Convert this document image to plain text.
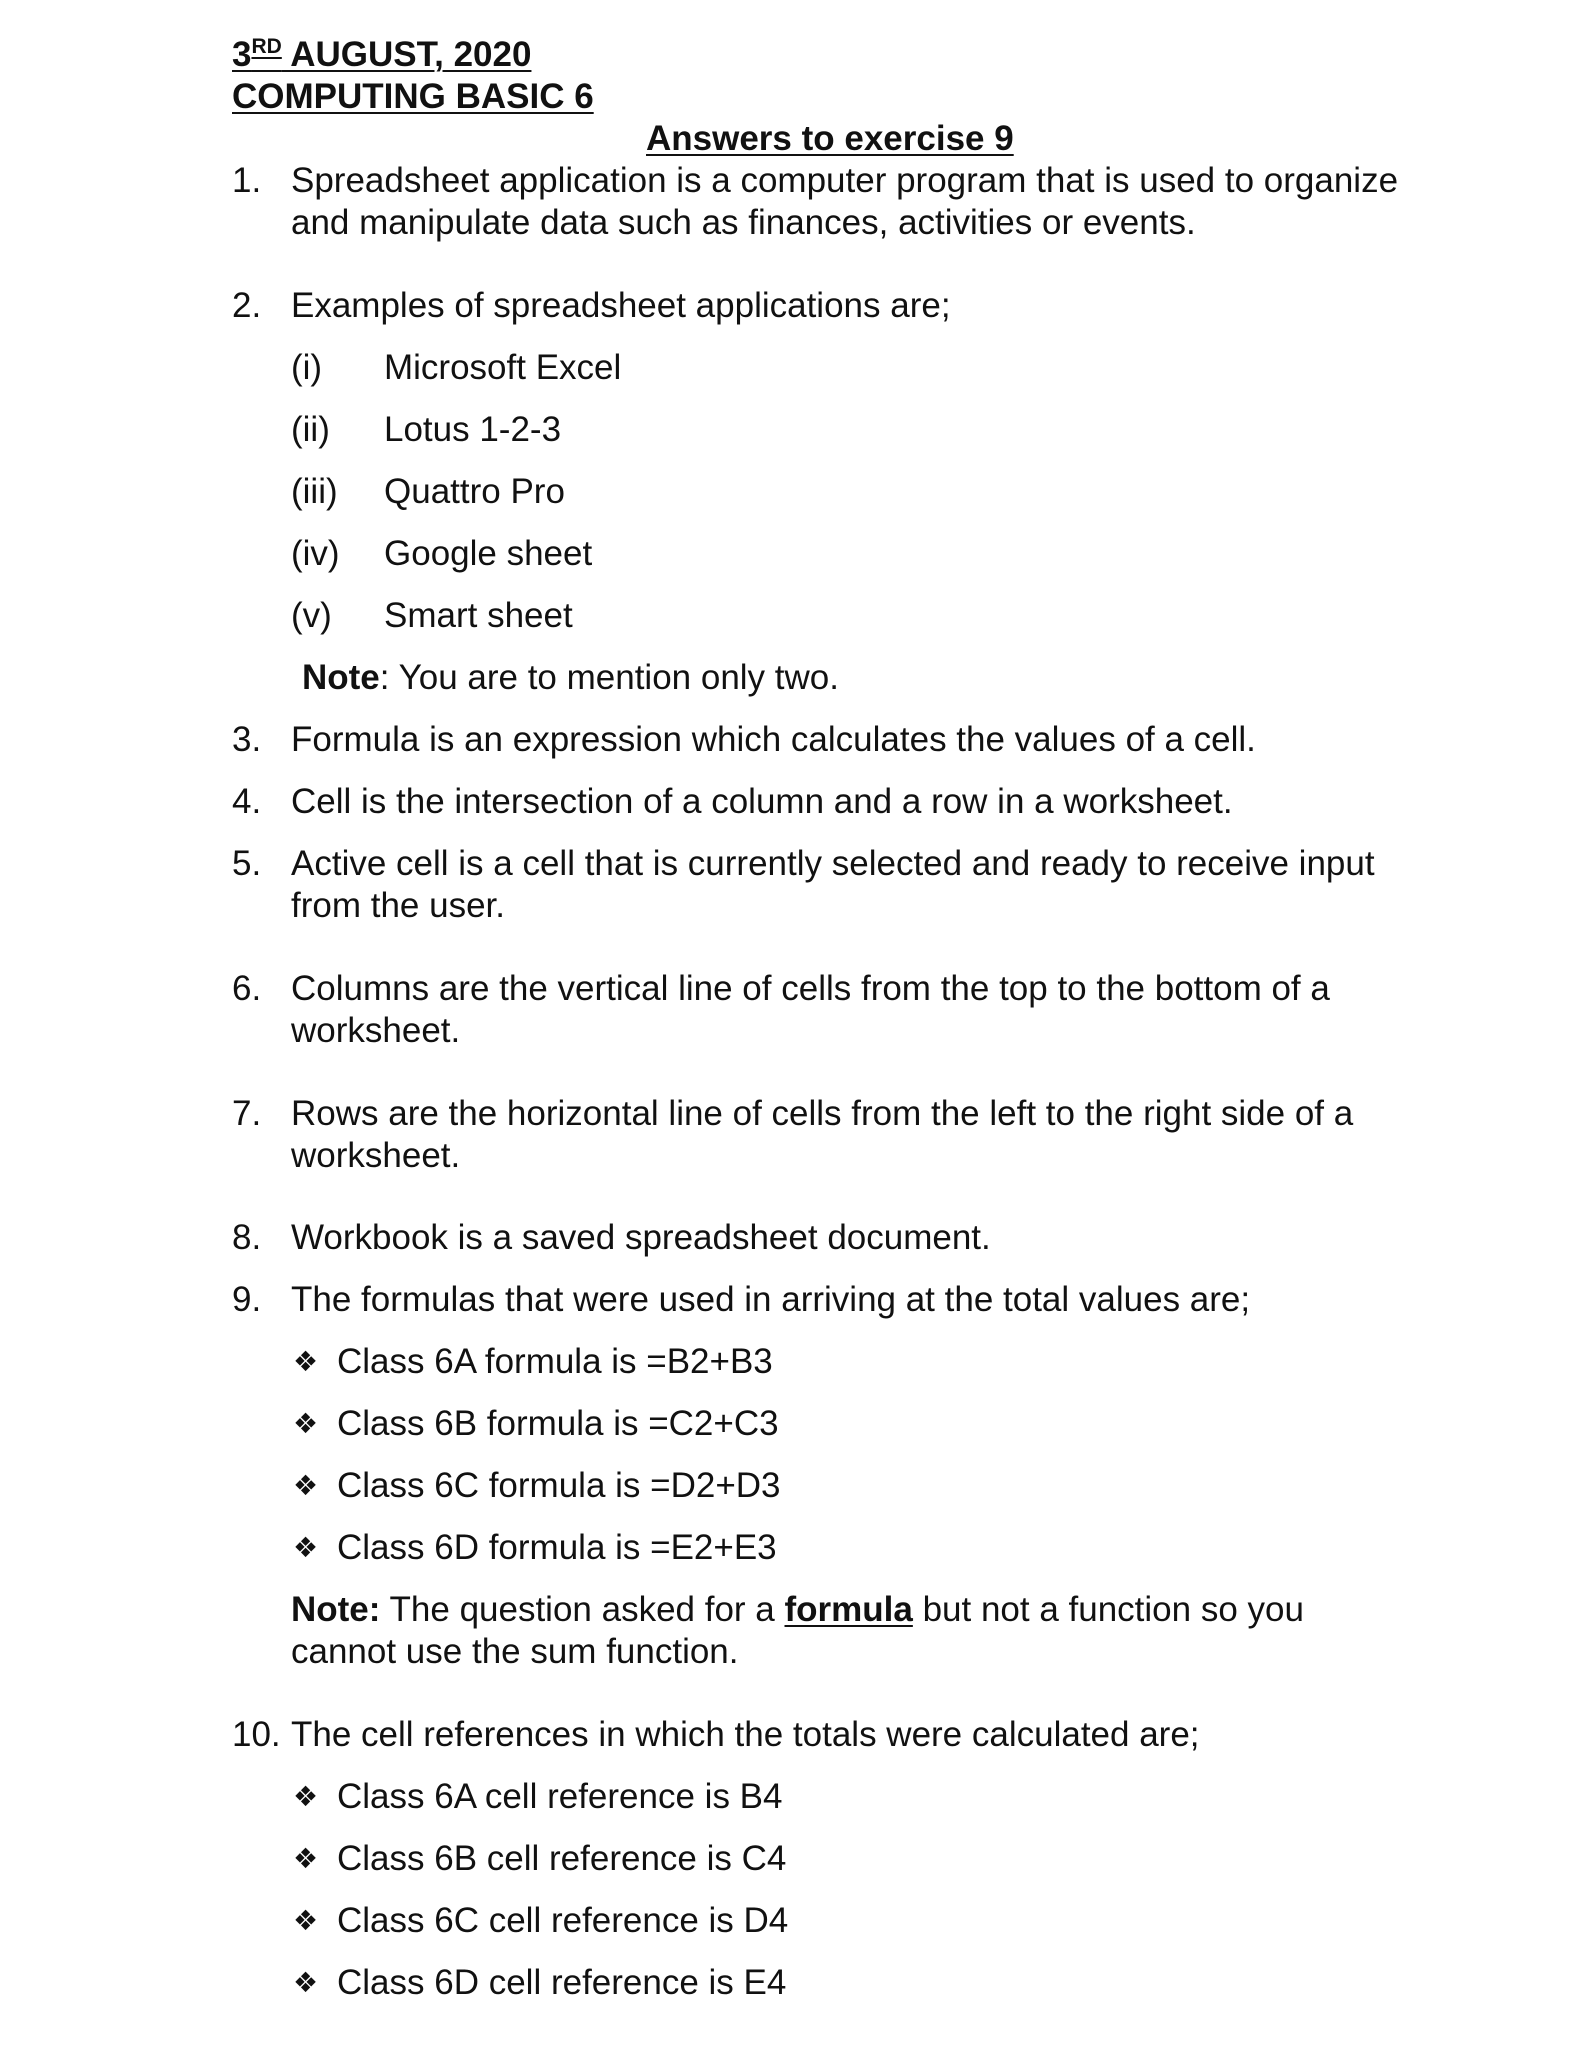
3RD AUGUST, 2020
COMPUTING BASIC 6
Answers to exercise 9
1. Spreadsheet application is a computer program that is used to organize
and manipulate data such as finances, activities or events.
2. Examples of spreadsheet applications are;
(i) Microsoft Excel
(ii) Lotus 1-2-3
(iii) Quattro Pro
(iv) Google sheet
(v) Smart sheet
Note: You are to mention only two.
3. Formula is an expression which calculates the values of a cell.
4. Cell is the intersection of a column and a row in a worksheet.
5. Active cell is a cell that is currently selected and ready to receive input
from the user.
6. Columns are the vertical line of cells from the top to the bottom of a
worksheet.
7. Rows are the horizontal line of cells from the left to the right side of a
worksheet.
8. Workbook is a saved spreadsheet document.
9. The formulas that were used in arriving at the total values are;
❖ Class 6A formula is =B2+B3
❖ Class 6B formula is =C2+C3
❖ Class 6C formula is =D2+D3
❖ Class 6D formula is =E2+E3
Note: The question asked for a formula but not a function so you
cannot use the sum function.
10. The cell references in which the totals were calculated are;
❖ Class 6A cell reference is B4
❖ Class 6B cell reference is C4
❖ Class 6C cell reference is D4
❖ Class 6D cell reference is E4
